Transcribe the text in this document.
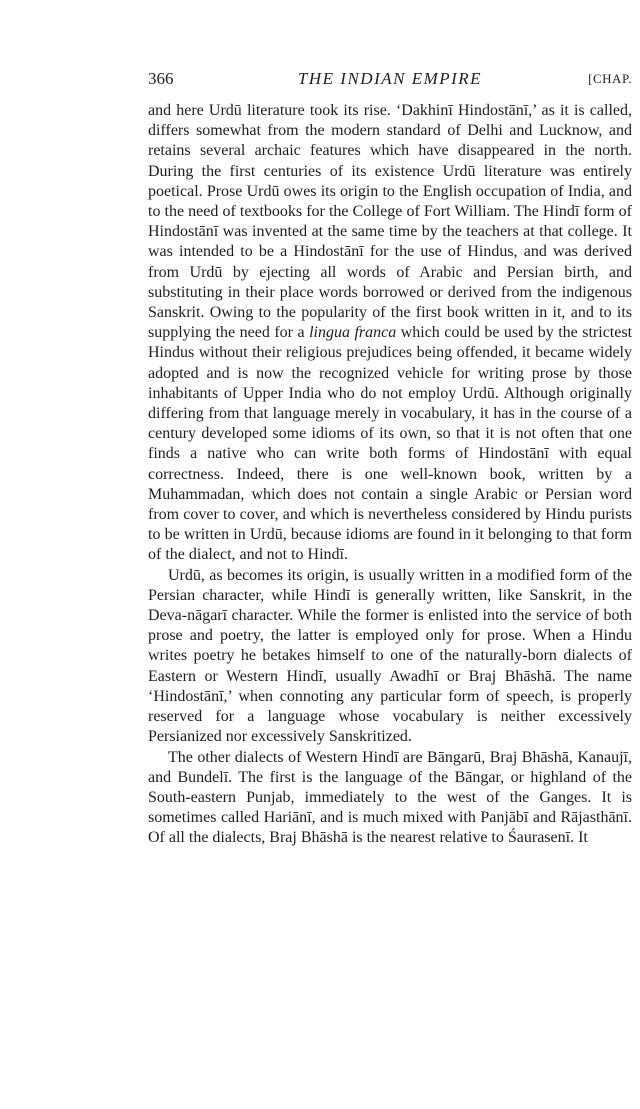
366	THE INDIAN EMPIRE	[CHAP.

and here Urdū literature took its rise. ‘Dakhinī Hindostānī,’ as it is called, differs somewhat from the modern standard of Delhi and Lucknow, and retains several archaic features which have disappeared in the north. During the first centuries of its existence Urdū literature was entirely poetical. Prose Urdū owes its origin to the English occupation of India, and to the need of textbooks for the College of Fort William. The Hindī form of Hindostānī was invented at the same time by the teachers at that college. It was intended to be a Hindostānī for the use of Hindus, and was derived from Urdū by ejecting all words of Arabic and Persian birth, and substituting in their place words borrowed or derived from the indigenous Sanskrit. Owing to the popularity of the first book written in it, and to its supplying the need for a lingua franca which could be used by the strictest Hindus without their religious prejudices being offended, it became widely adopted and is now the recognized vehicle for writing prose by those inhabitants of Upper India who do not employ Urdū. Although originally differing from that language merely in vocabulary, it has in the course of a century developed some idioms of its own, so that it is not often that one finds a native who can write both forms of Hindostānī with equal correctness. Indeed, there is one well-known book, written by a Muhammadan, which does not contain a single Arabic or Persian word from cover to cover, and which is nevertheless considered by Hindu purists to be written in Urdū, because idioms are found in it belonging to that form of the dialect, and not to Hindī.

Urdū, as becomes its origin, is usually written in a modified form of the Persian character, while Hindī is generally written, like Sanskrit, in the Deva-nāgarī character. While the former is enlisted into the service of both prose and poetry, the latter is employed only for prose. When a Hindu writes poetry he betakes himself to one of the naturally-born dialects of Eastern or Western Hindī, usually Awadhī or Braj Bhāshā. The name ‘Hindostānī,’ when connoting any particular form of speech, is properly reserved for a language whose vocabulary is neither excessively Persianized nor excessively Sanskritized.

The other dialects of Western Hindī are Bāngarū, Braj Bhāshā, Kanaujī, and Bundelī. The first is the language of the Bāngar, or highland of the South-eastern Punjab, immediately to the west of the Ganges. It is sometimes called Hariānī, and is much mixed with Panjābī and Rājasthānī. Of all the dialects, Braj Bhāshā is the nearest relative to Śaurasenī. It
